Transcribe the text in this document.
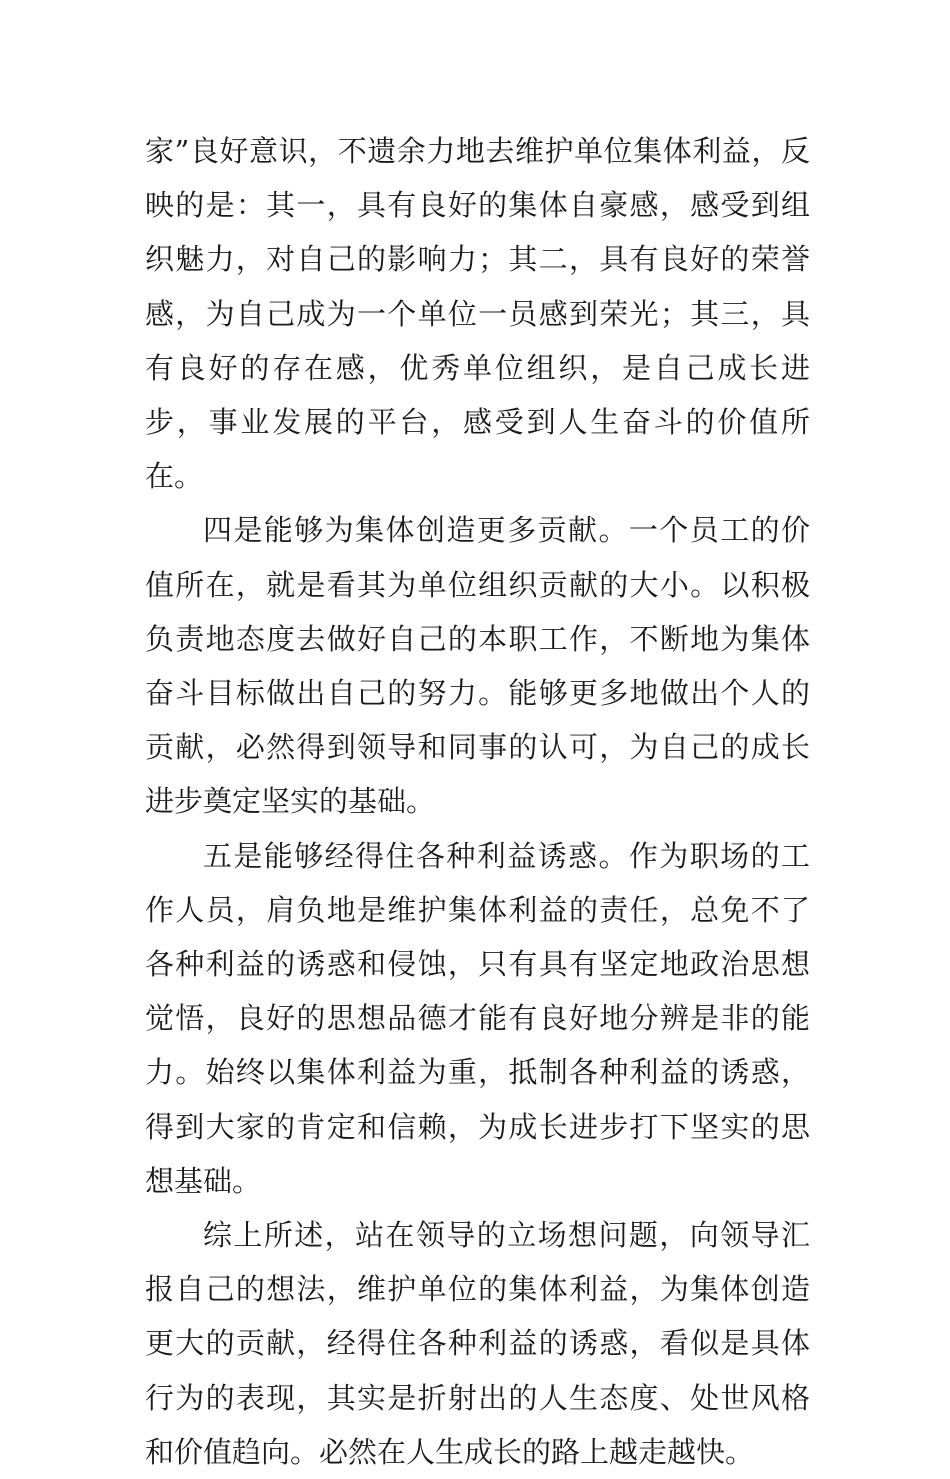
家”良好意识，不遗余力地去维护单位集体利益，反映的是：其一，具有良好的集体自豪感，感受到组织魅力，对自己的影响力；其二，具有良好的荣誉感，为自己成为一个单位一员感到荣光；其三，具有良好的存在感，优秀单位组织，是自己成长进步，事业发展的平台，感受到人生奋斗的价值所在。

四是能够为集体创造更多贡献。一个员工的价值所在，就是看其为单位组织贡献的大小。以积极负责地态度去做好自己的本职工作，不断地为集体奋斗目标做出自己的努力。能够更多地做出个人的贡献，必然得到领导和同事的认可，为自己的成长进步奠定坚实的基础。

五是能够经得住各种利益诱惑。作为职场的工作人员，肩负地是维护集体利益的责任，总免不了各种利益的诱惑和侵蚀，只有具有坚定地政治思想觉悟，良好的思想品德才能有良好地分辨是非的能力。始终以集体利益为重，抵制各种利益的诱惑，得到大家的肯定和信赖，为成长进步打下坚实的思想基础。

综上所述，站在领导的立场想问题，向领导汇报自己的想法，维护单位的集体利益，为集体创造更大的贡献，经得住各种利益的诱惑，看似是具体行为的表现，其实是折射出的人生态度、处世风格和价值趋向。必然在人生成长的路上越走越快。
